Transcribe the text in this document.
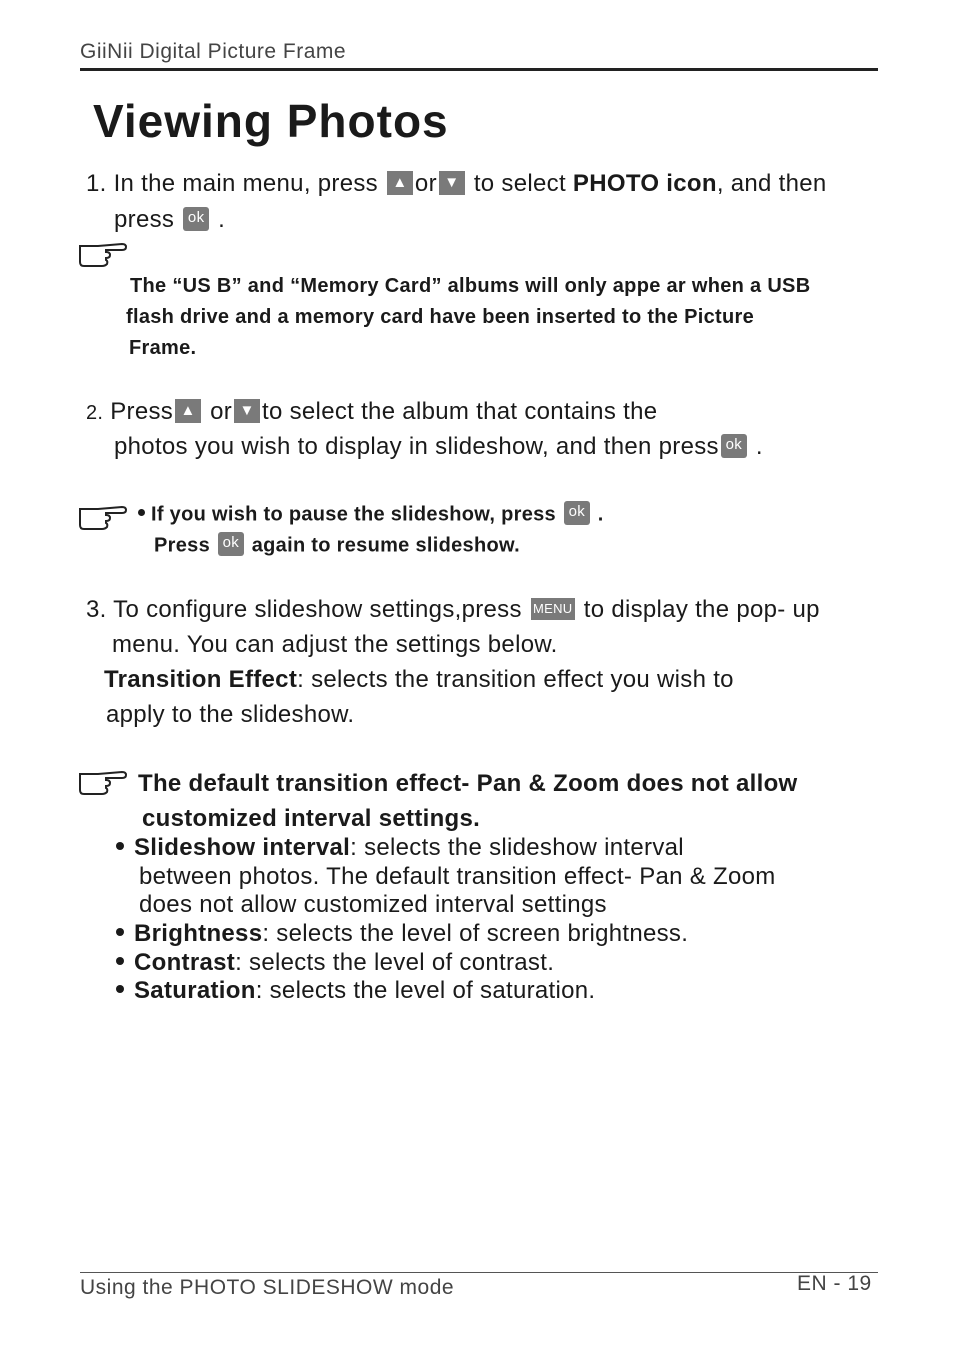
GiiNii Digital Picture Frame
Viewing Photos
1. In the main menu, press ▲ or ▼ to select PHOTO icon, and then
press ok .
The “US B” and “Memory Card” albums will only appe ar when a USB
flash drive and a memory card have been inserted to the Picture
Frame.
2. Press ▲ or ▼ to select the album that contains the
photos you wish to display in slideshow, and then press ok .
If you wish to pause the slideshow, press ok .
Press ok again to resume slideshow.
3. To configure slideshow settings,press MENU to display the pop- up
menu. You can adjust the settings below.
Transition Effect: selects the transition effect you wish to
apply to the slideshow.
The default transition effect- Pan & Zoom does not allow
customized interval settings.
Slideshow interval: selects the slideshow interval
between photos. The default transition effect- Pan & Zoom
does not allow customized interval settings
Brightness: selects the level of screen brightness.
Contrast: selects the level of contrast.
Saturation: selects the level of saturation.
Using the PHOTO SLIDESHOW mode	EN - 19
